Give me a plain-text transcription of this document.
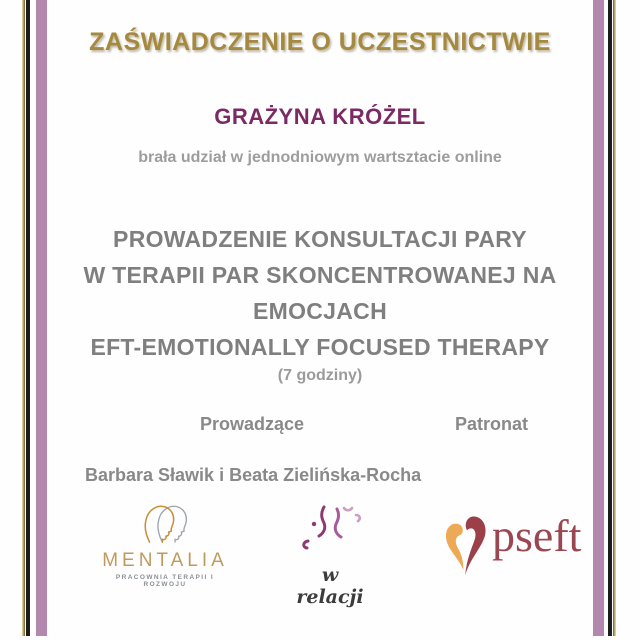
ZAŚWIADCZENIE O UCZESTNICTWIE
GRAŻYNA KRÓŻEL
brała udział w jednodniowym wartsztacie online
PROWADZENIE KONSULTACJI PARY
W TERAPII PAR SKONCENTROWANEJ NA
EMOCJACH
EFT-EMOTIONALLY FOCUSED THERAPY
(7 godziny)
Prowadzące	Patronat
Barbara Sławik i Beata Zielińska-Rocha
MENTALIA
PRACOWNIA TERAPII I ROZWOJU	w relacji
pseft
